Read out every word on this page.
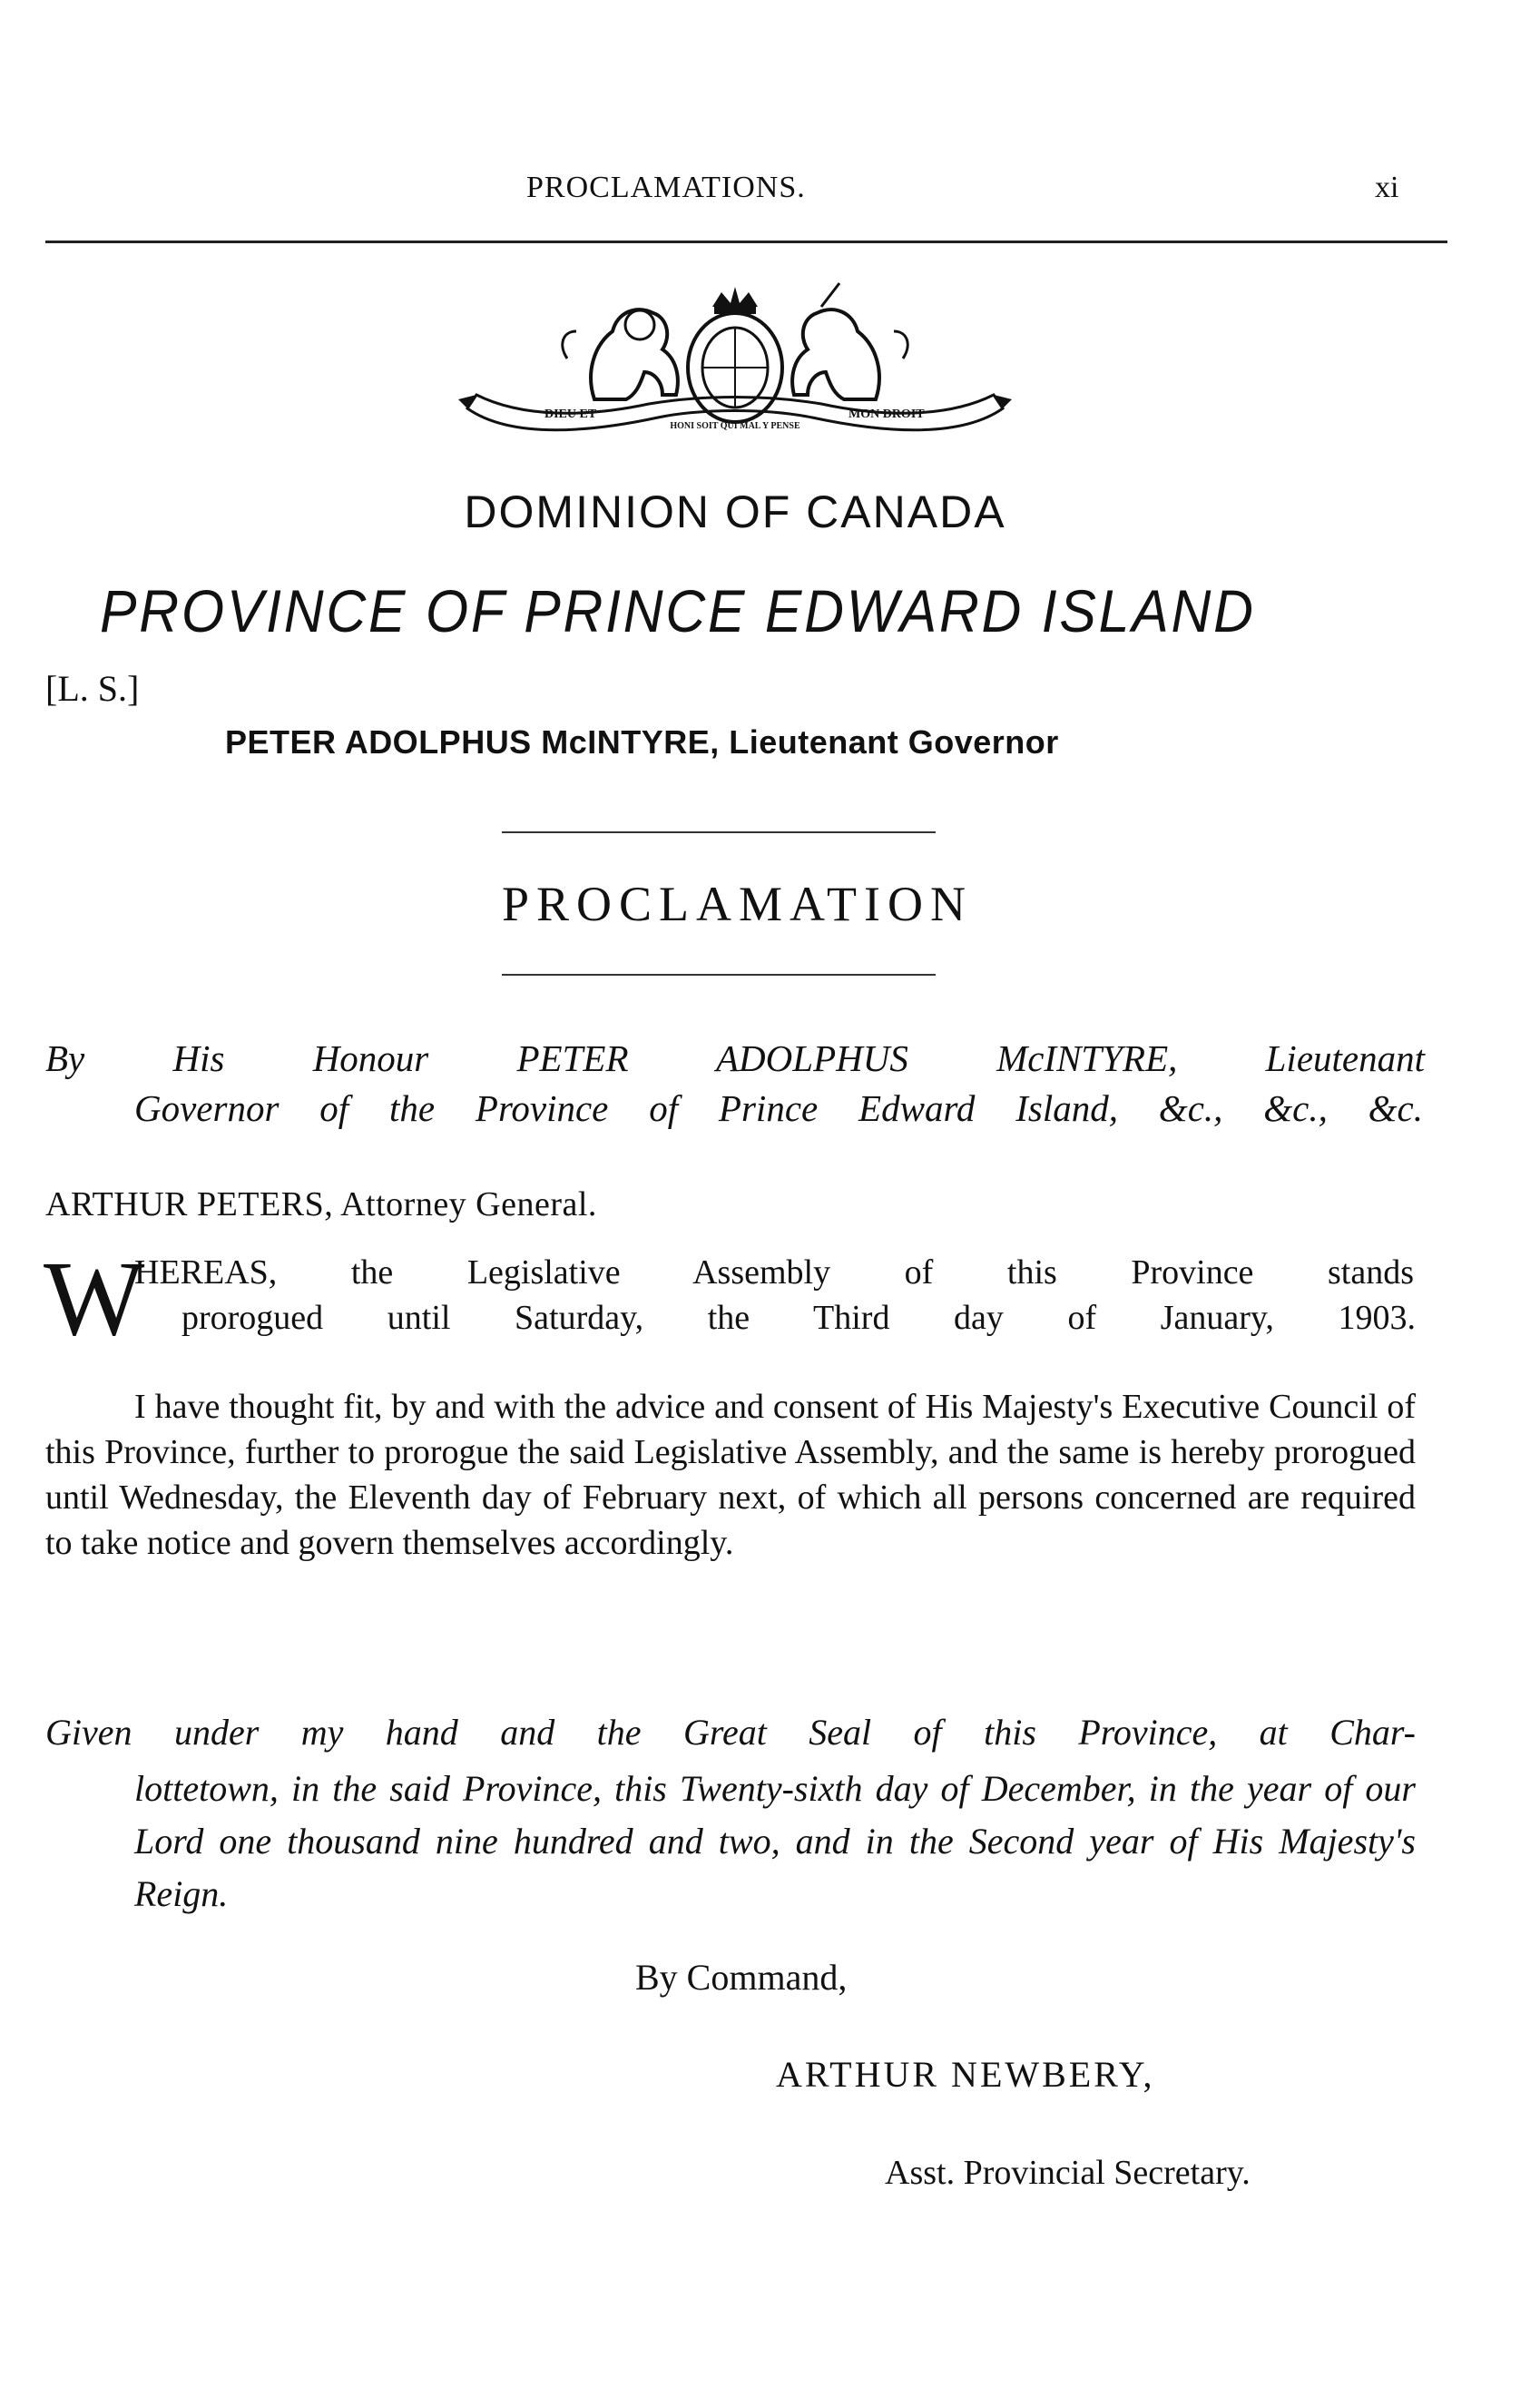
PROCLAMATIONS.	xi
DIEU ET	MON DROIT
HONI SOIT QUI MAL Y PENSE
DOMINION OF CANADA
PROVINCE OF PRINCE EDWARD ISLAND
[L. S.]
PETER ADOLPHUS McINTYRE, Lieutenant Governor
PROCLAMATION
By His Honour PETER ADOLPHUS McINTYRE, Lieutenant
Governor of the Province of Prince Edward Island, &c., &c., &c.
ARTHUR PETERS, Attorney General.
W
HEREAS, the Legislative Assembly of this Province stands
prorogued until Saturday, the Third day of January, 1903.
I have thought fit, by and with the advice and consent of His Majesty's Executive Council of this Province, further to prorogue the said Legislative Assembly, and the same is hereby prorogued until Wednesday, the Eleventh day of February next, of which all persons concerned are required to take notice and govern themselves accordingly.
Given under my hand and the Great Seal of this Province, at Char-
lottetown, in the said Province, this Twenty-sixth day of December, in the year of our Lord one thousand nine hundred and two, and in the Second year of His Majesty's Reign.
By Command,
ARTHUR NEWBERY,
Asst. Provincial Secretary.
